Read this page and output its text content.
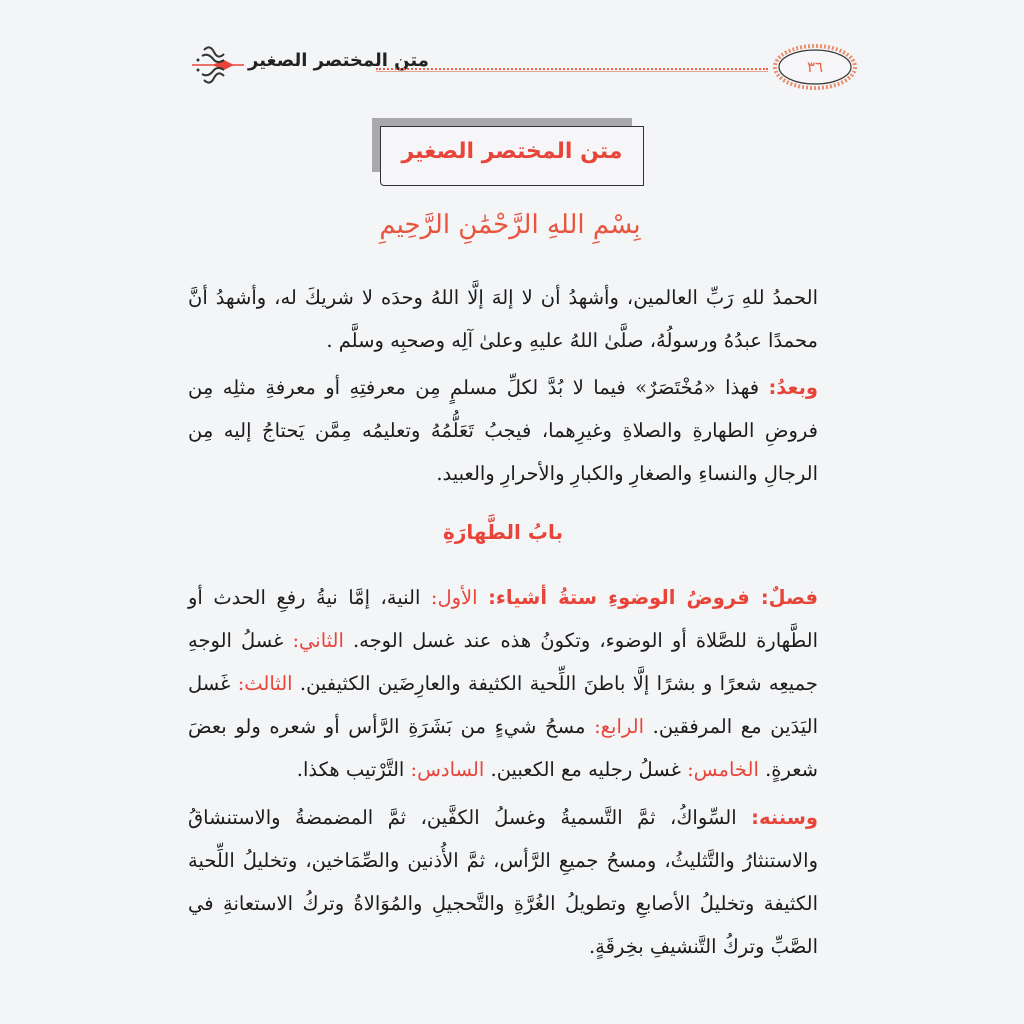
متن المختصر الصغير	٣٦
متن المختصر الصغير
بِسْمِ اللهِ الرَّحْمَٰنِ الرَّحِيمِ
الحمدُ للهِ رَبِّ العالمين، وأشهدُ أن لا إلهَ إلَّا اللهُ وحدَه لا شريكَ له، وأشهدُ أنَّ محمدًا عبدُهُ ورسولُهُ، صلَّىٰ اللهُ عليهِ وعلىٰ آلِه وصحبِه وسلَّم .
وبعدُ: فهذا «مُخْتَصَرٌ» فيما لا بُدَّ لكلِّ مسلمٍ مِن معرفتِهِ أو معرفةِ مثلِه مِن فروضِ الطهارةِ والصلاةِ وغيرِهما، فيجبُ تَعَلُّمُهُ وتعليمُه مِمَّن يَحتاجُ إليه مِن الرجالِ والنساءِ والصغارِ والكبارِ والأحرارِ والعبيد.
بابُ الطَّهارَةِ
فصلٌ: فروضُ الوضوءِ ستةُ أشياء: الأول: النية، إمَّا نيةُ رفعِ الحدث أو الطَّهارة للصَّلاة أو الوضوء، وتكونُ هذه عند غسل الوجه. الثاني: غسلُ الوجهِ جميعِه شعرًا و بشرًا إلَّا باطنَ اللِّحية الكثيفة والعارِضَين الكثيفين. الثالث: غَسل اليَدَين مع المرفقين. الرابع: مسحُ شيءٍ من بَشَرَةِ الرَّأس أو شعره ولو بعضَ شعرةٍ. الخامس: غسلُ رجليه مع الكعبين. السادس: التَّرْتيب هكذا.
وسننه: السِّواكُ، ثمَّ التَّسميةُ وغسلُ الكفَّين، ثمَّ المضمضةُ والاستنشاقُ والاستنثارُ والتَّثليثُ، ومسحُ جميعِ الرَّأس، ثمَّ الأُذنين والصِّمَاخين، وتخليلُ اللِّحية الكثيفة وتخليلُ الأصابعِ وتطويلُ الغُرَّةِ والتَّحجيلِ والمُوَالاةُ وتركُ الاستعانةِ في الصَّبِّ وتركُ التَّنشيفِ بخِرقَةٍ.
